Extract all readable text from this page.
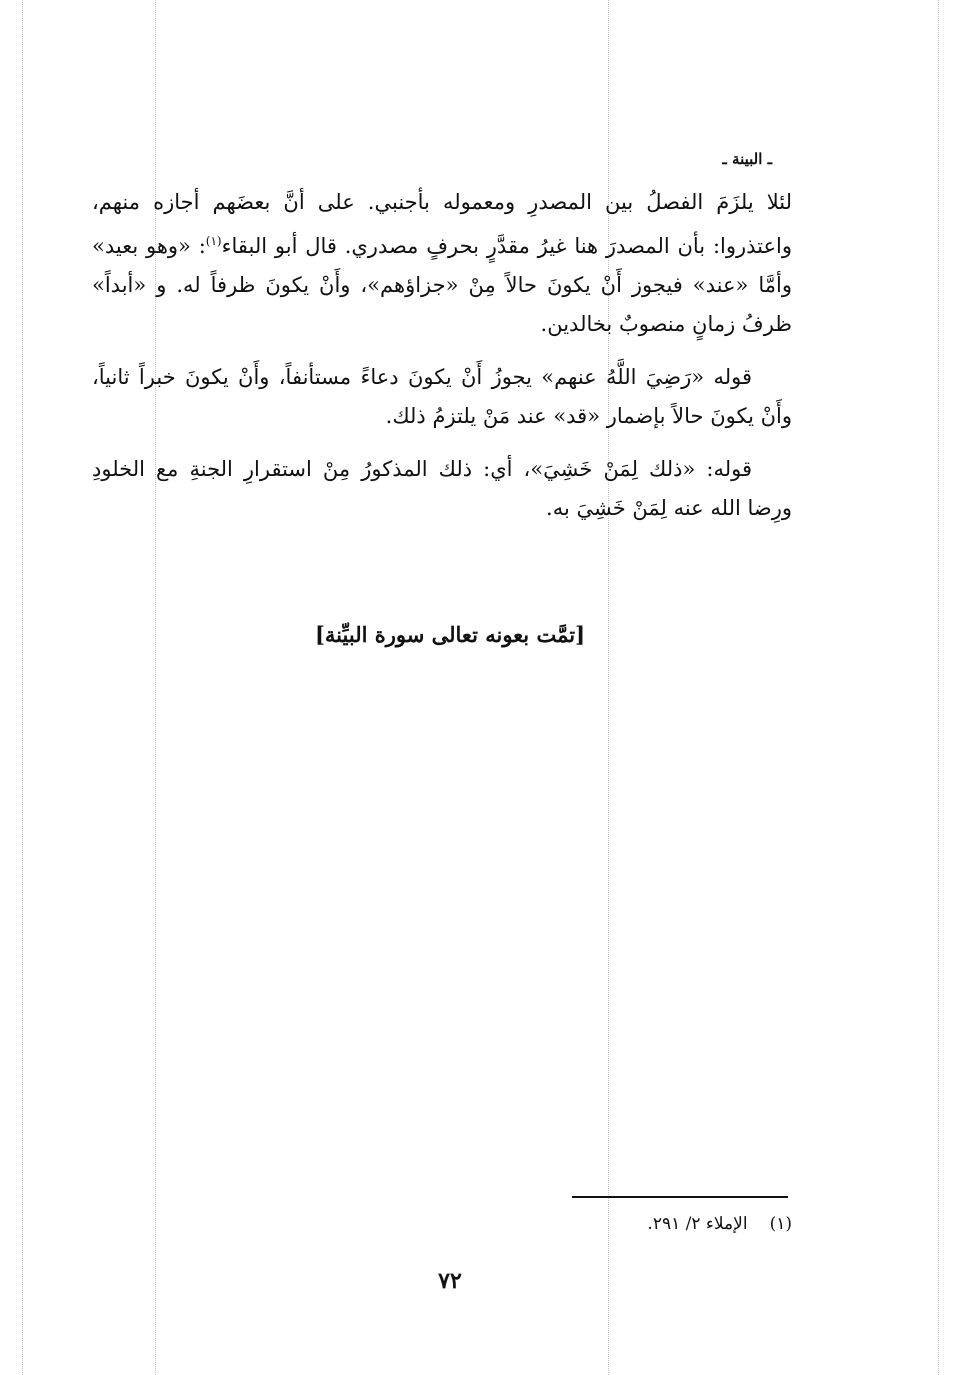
ـ البينة ـ

لئلا يلزَمَ الفصلُ بين المصدرِ ومعموله بأجنبي. على أنَّ بعضَهم أجازه منهم، واعتذروا: بأن المصدرَ هنا غيرُ مقدَّرٍ بحرفٍ مصدري. قال أبو البقاء$^{(١)}$: «وهو بعيد» وأمَّا «عند» فيجوز أَنْ يكونَ حالاً مِنْ «جزاؤهم»، وأَنْ يكونَ ظرفاً له. و «أبداً» ظرفُ زمانٍ منصوبٌ بخالدين.

قوله «رَضِيَ اللَّهُ عنهم» يجوزُ أَنْ يكونَ دعاءً مستأنفاً، وأَنْ يكونَ خبراً ثانياً، وأَنْ يكونَ حالاً بإضمار «قد» عند مَنْ يلتزمُ ذلك.

قوله: «ذلك لِمَنْ خَشِيَ»، أي: ذلك المذكورُ مِنْ استقرارِ الجنةِ مع الخلودِ ورِضا الله عنه لِمَنْ خَشِيَ به.

[تمَّت بعونه تعالى سورة البيِّنة]
(١)الإملاء ٢/ ٢٩١.
٧٢
